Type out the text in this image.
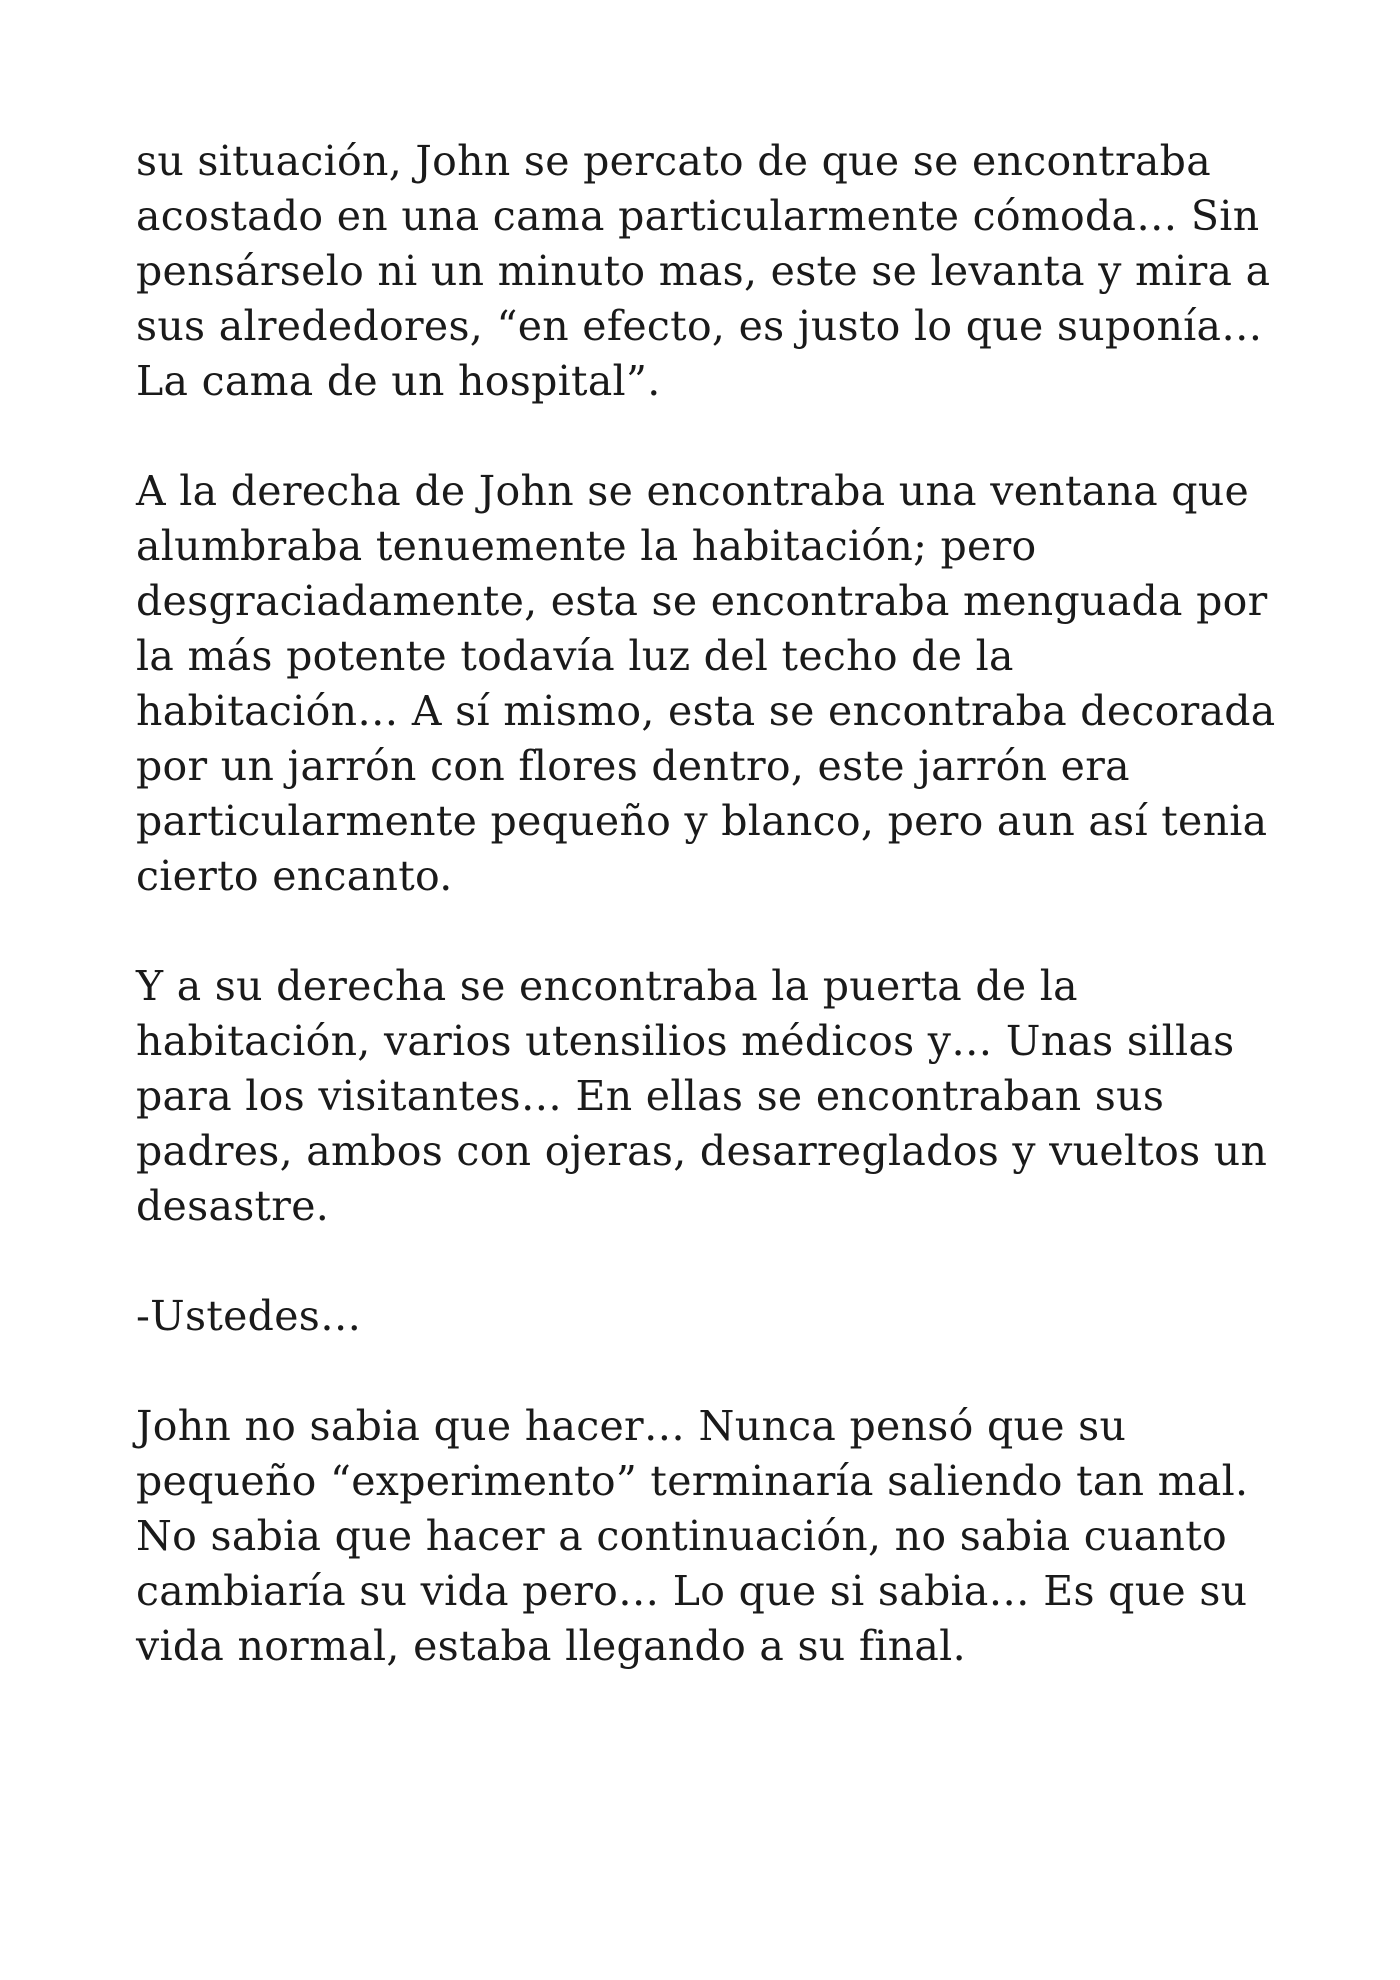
su situación, John se percato de que se encontraba
acostado en una cama particularmente cómoda… Sin
pensárselo ni un minuto mas, este se levanta y mira a
sus alrededores, “en efecto, es justo lo que suponía…
La cama de un hospital”.

A la derecha de John se encontraba una ventana que
alumbraba tenuemente la habitación; pero
desgraciadamente, esta se encontraba menguada por
la más potente todavía luz del techo de la
habitación… A sí mismo, esta se encontraba decorada
por un jarrón con flores dentro, este jarrón era
particularmente pequeño y blanco, pero aun así tenia
cierto encanto.

Y a su derecha se encontraba la puerta de la
habitación, varios utensilios médicos y… Unas sillas
para los visitantes… En ellas se encontraban sus
padres, ambos con ojeras, desarreglados y vueltos un
desastre.

-Ustedes…

John no sabia que hacer… Nunca pensó que su
pequeño “experimento” terminaría saliendo tan mal.
No sabia que hacer a continuación, no sabia cuanto
cambiaría su vida pero… Lo que si sabia… Es que su
vida normal, estaba llegando a su final.
